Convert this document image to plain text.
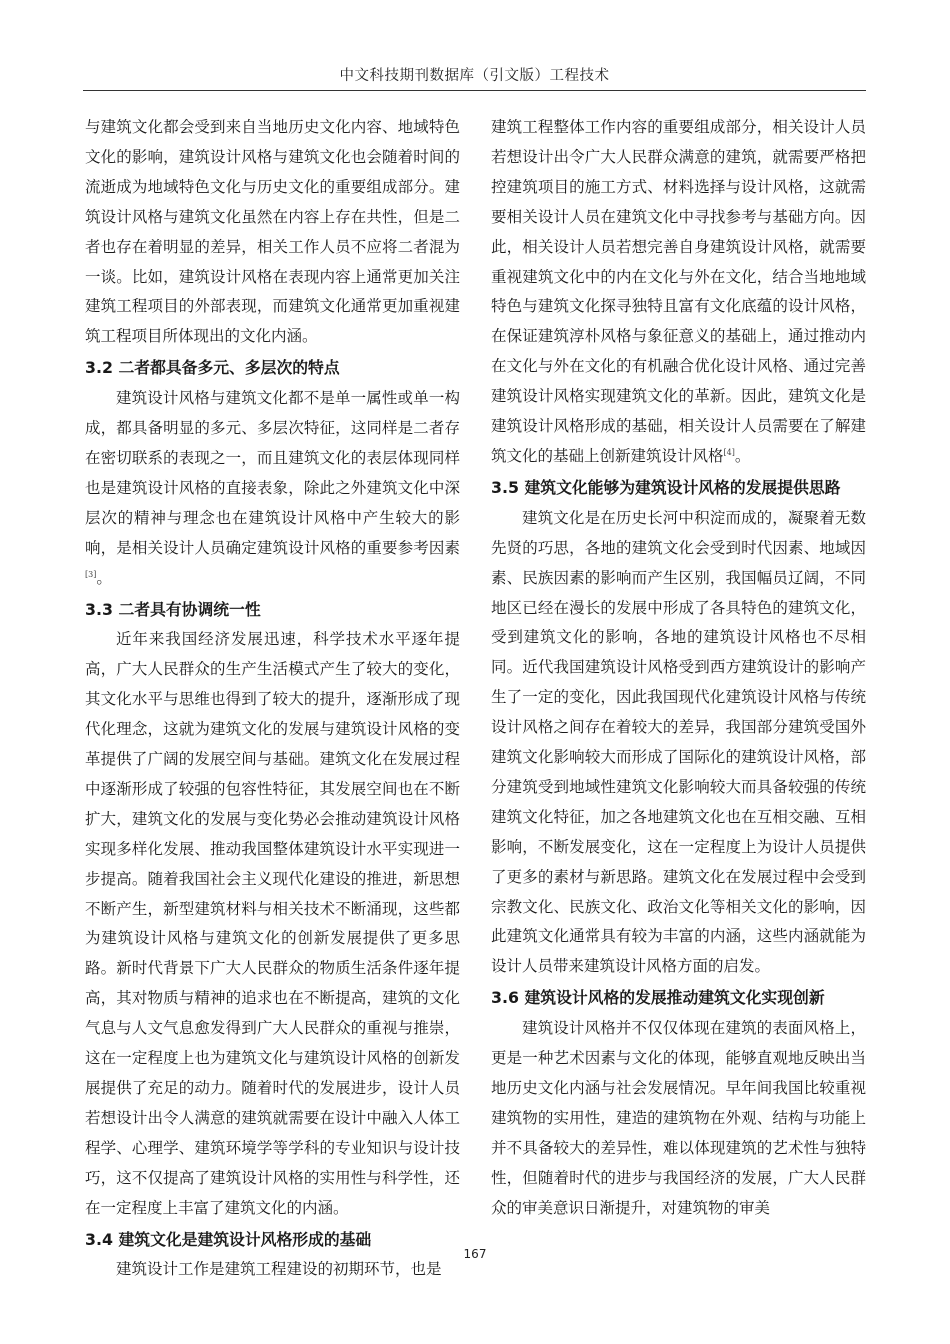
中文科技期刊数据库（引文版）工程技术

与建筑文化都会受到来自当地历史文化内容、地域特色文化的影响，建筑设计风格与建筑文化也会随着时间的流逝成为地域特色文化与历史文化的重要组成部分。建筑设计风格与建筑文化虽然在内容上存在共性，但是二者也存在着明显的差异，相关工作人员不应将二者混为一谈。比如，建筑设计风格在表现内容上通常更加关注建筑工程项目的外部表现，而建筑文化通常更加重视建筑工程项目所体现出的文化内涵。

3.2 二者都具备多元、多层次的特点

建筑设计风格与建筑文化都不是单一属性或单一构成，都具备明显的多元、多层次特征，这同样是二者存在密切联系的表现之一，而且建筑文化的表层体现同样也是建筑设计风格的直接表象，除此之外建筑文化中深层次的精神与理念也在建筑设计风格中产生较大的影响，是相关设计人员确定建筑设计风格的重要参考因素[3]。

3.3 二者具有协调统一性

近年来我国经济发展迅速，科学技术水平逐年提高，广大人民群众的生产生活模式产生了较大的变化，其文化水平与思维也得到了较大的提升，逐渐形成了现代化理念，这就为建筑文化的发展与建筑设计风格的变革提供了广阔的发展空间与基础。建筑文化在发展过程中逐渐形成了较强的包容性特征，其发展空间也在不断扩大，建筑文化的发展与变化势必会推动建筑设计风格实现多样化发展、推动我国整体建筑设计水平实现进一步提高。随着我国社会主义现代化建设的推进，新思想不断产生，新型建筑材料与相关技术不断涌现，这些都为建筑设计风格与建筑文化的创新发展提供了更多思路。新时代背景下广大人民群众的物质生活条件逐年提高，其对物质与精神的追求也在不断提高，建筑的文化气息与人文气息愈发得到广大人民群众的重视与推崇，这在一定程度上也为建筑文化与建筑设计风格的创新发展提供了充足的动力。随着时代的发展进步，设计人员若想设计出令人满意的建筑就需要在设计中融入人体工程学、心理学、建筑环境学等学科的专业知识与设计技巧，这不仅提高了建筑设计风格的实用性与科学性，还在一定程度上丰富了建筑文化的内涵。

3.4 建筑文化是建筑设计风格形成的基础

建筑设计工作是建筑工程建设的初期环节，也是

建筑工程整体工作内容的重要组成部分，相关设计人员若想设计出令广大人民群众满意的建筑，就需要严格把控建筑项目的施工方式、材料选择与设计风格，这就需要相关设计人员在建筑文化中寻找参考与基础方向。因此，相关设计人员若想完善自身建筑设计风格，就需要重视建筑文化中的内在文化与外在文化，结合当地地域特色与建筑文化探寻独特且富有文化底蕴的设计风格，在保证建筑淳朴风格与象征意义的基础上，通过推动内在文化与外在文化的有机融合优化设计风格、通过完善建筑设计风格实现建筑文化的革新。因此，建筑文化是建筑设计风格形成的基础，相关设计人员需要在了解建筑文化的基础上创新建筑设计风格[4]。

3.5 建筑文化能够为建筑设计风格的发展提供思路

建筑文化是在历史长河中积淀而成的，凝聚着无数先贤的巧思，各地的建筑文化会受到时代因素、地域因素、民族因素的影响而产生区别，我国幅员辽阔，不同地区已经在漫长的发展中形成了各具特色的建筑文化，受到建筑文化的影响，各地的建筑设计风格也不尽相同。近代我国建筑设计风格受到西方建筑设计的影响产生了一定的变化，因此我国现代化建筑设计风格与传统设计风格之间存在着较大的差异，我国部分建筑受国外建筑文化影响较大而形成了国际化的建筑设计风格，部分建筑受到地域性建筑文化影响较大而具备较强的传统建筑文化特征，加之各地建筑文化也在互相交融、互相影响，不断发展变化，这在一定程度上为设计人员提供了更多的素材与新思路。建筑文化在发展过程中会受到宗教文化、民族文化、政治文化等相关文化的影响，因此建筑文化通常具有较为丰富的内涵，这些内涵就能为设计人员带来建筑设计风格方面的启发。

3.6 建筑设计风格的发展推动建筑文化实现创新

建筑设计风格并不仅仅体现在建筑的表面风格上，更是一种艺术因素与文化的体现，能够直观地反映出当地历史文化内涵与社会发展情况。早年间我国比较重视建筑物的实用性，建造的建筑物在外观、结构与功能上并不具备较大的差异性，难以体现建筑的艺术性与独特性，但随着时代的进步与我国经济的发展，广大人民群众的审美意识日渐提升，对建筑物的审美

167
